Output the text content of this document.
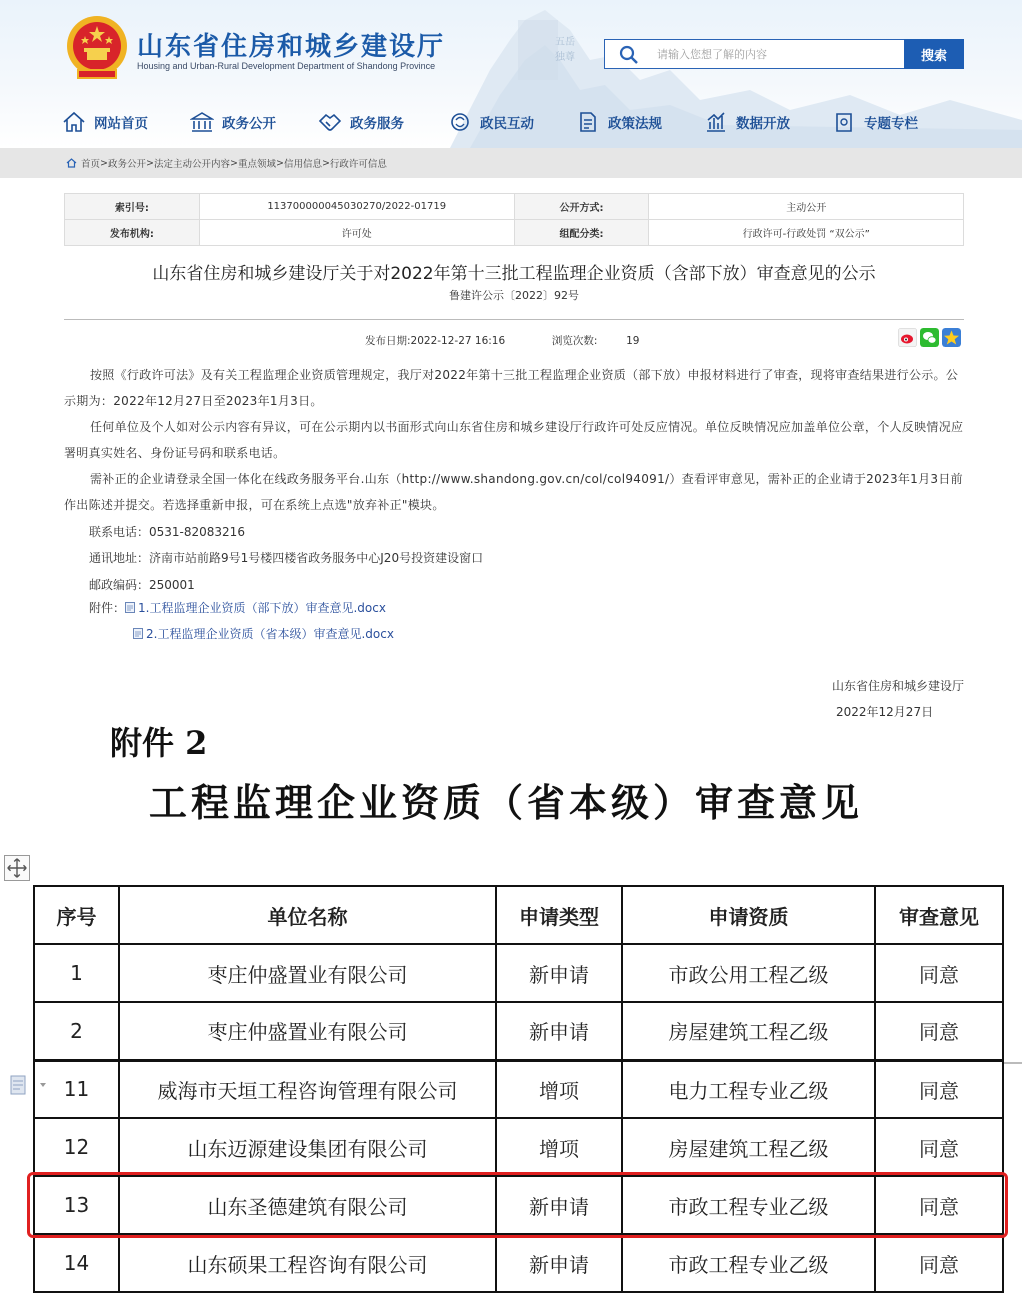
五岳
独尊
山东省住房和城乡建设厅
Housing and Urban-Rural Development Department of Shandong Province
请输入您想了解的内容
搜索
网站首页	政务公开	政务服务	政民互动	政策法规	数据开放	专题专栏
首页 > 政务公开 > 法定主动公开内容 > 重点领域 > 信用信息 > 行政许可信息
索引号:	113700000045030270/2022-01719	公开方式:	主动公开
发布机构:	许可处	组配分类:	行政许可-行政处罚 “双公示”
山东省住房和城乡建设厅关于对2022年第十三批工程监理企业资质（含部下放）审查意见的公示
鲁建许公示〔2022〕92号
发布日期:2022-12-27 16:16	浏览次数:	19
按照《行政许可法》及有关工程监理企业资质管理规定，我厅对2022年第十三批工程监理企业资质（部下放）申报材料进行了审查，现将审查结果进行公示。公示期为：2022年12月27日至2023年1月3日。
任何单位及个人如对公示内容有异议，可在公示期内以书面形式向山东省住房和城乡建设厅行政许可处反应情况。单位反映情况应加盖单位公章，个人反映情况应署明真实姓名、身份证号码和联系电话。
需补正的企业请登录全国一体化在线政务服务平台.山东（http://www.shandong.gov.cn/col/col94091/）查看评审意见，需补正的企业请于2023年1月3日前作出陈述并提交。若选择重新申报，可在系统上点选"放弃补正"模块。
联系电话：0531-82083216
通讯地址：济南市站前路9号1号楼四楼省政务服务中心J20号投资建设窗口
邮政编码：250001
附件： 1.工程监理企业资质（部下放）审查意见.docx
2.工程监理企业资质（省本级）审查意见.docx
山东省住房和城乡建设厅
2022年12月27日
附件 2
工程监理企业资质（省本级）审查意见
序号	单位名称	申请类型	申请资质	审查意见
1	枣庄仲盛置业有限公司	新申请	市政公用工程乙级	同意
2	枣庄仲盛置业有限公司	新申请	房屋建筑工程乙级	同意
11	威海市天垣工程咨询管理有限公司	增项	电力工程专业乙级	同意
12	山东迈源建设集团有限公司	增项	房屋建筑工程乙级	同意
13	山东圣德建筑有限公司	新申请	市政工程专业乙级	同意
14	山东硕果工程咨询有限公司	新申请	市政工程专业乙级	同意
